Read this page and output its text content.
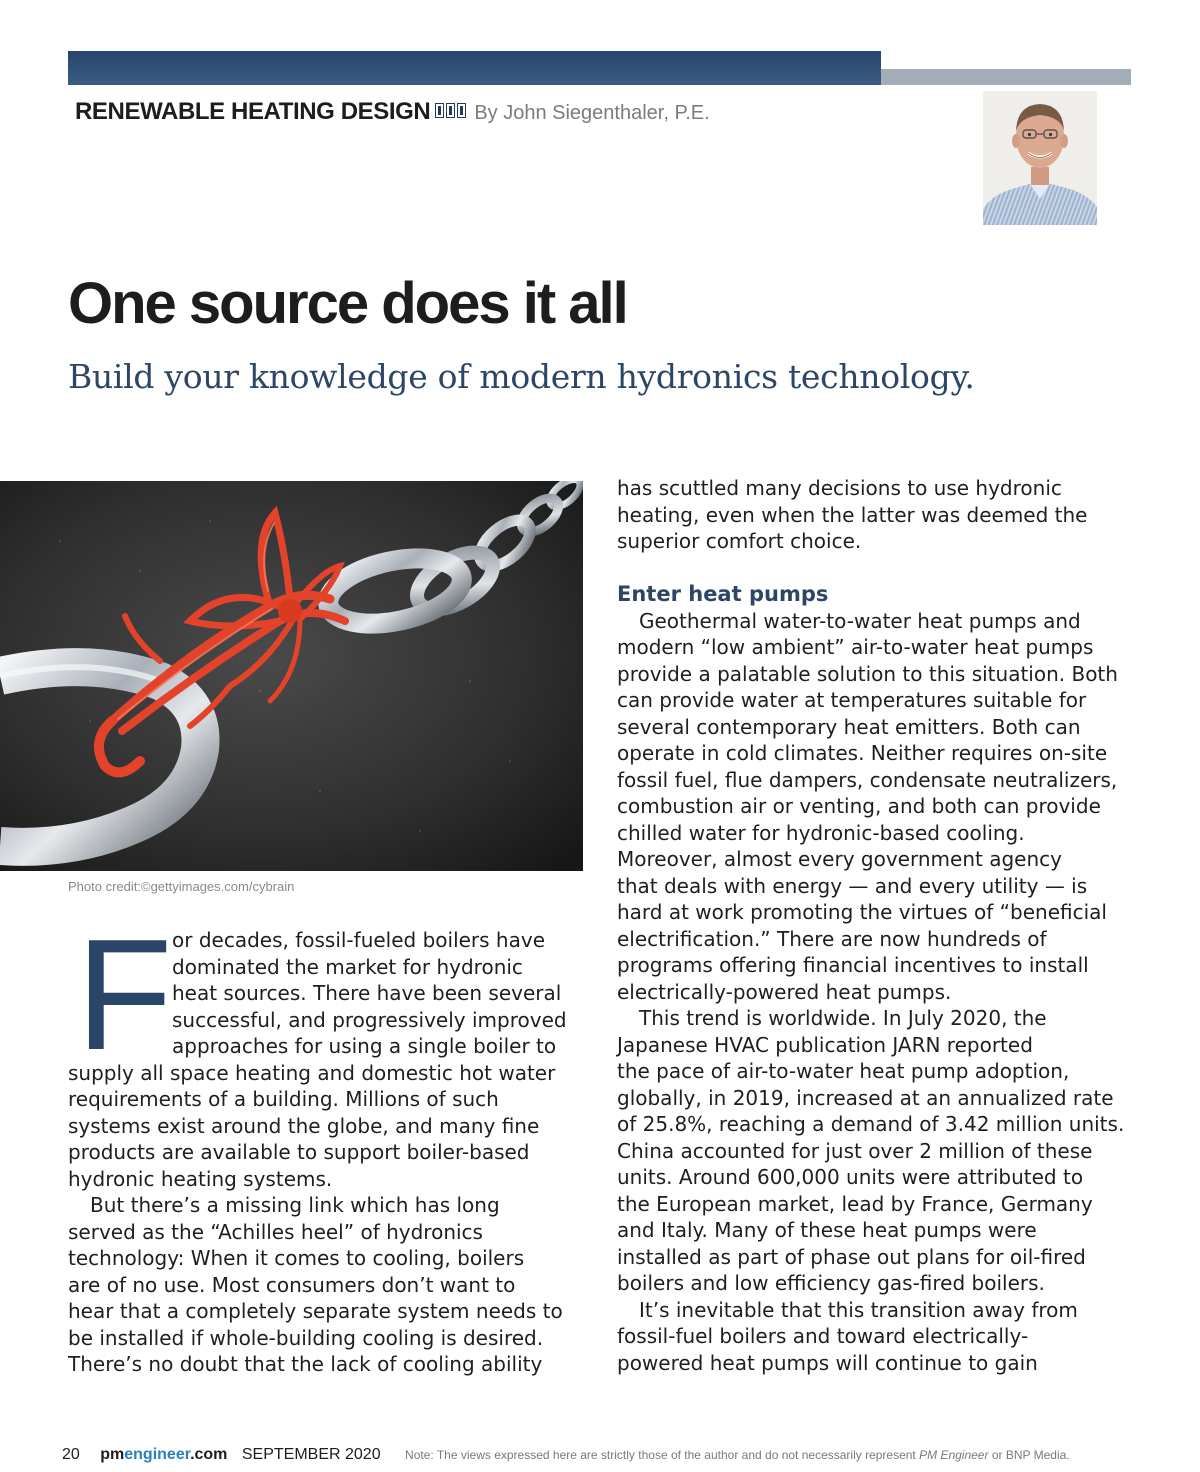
RENEWABLE HEATING DESIGN By John Siegenthaler, P.E.
One source does it all
Build your knowledge of modern hydronics technology.
Photo credit:©gettyimages.com/cybrain
F or decades, fossil-fueled boilers have

dominated the market for hydronic

heat sources. There have been several

successful, and progressively improved

approaches for using a single boiler to

supply all space heating and domestic hot water

requirements of a building. Millions of such

systems exist around the globe, and many fine

products are available to support boiler-based

hydronic heating systems.

But there’s a missing link which has long

served as the “Achilles heel” of hydronics

technology: When it comes to cooling, boilers

are of no use. Most consumers don’t want to

hear that a completely separate system needs to

be installed if whole-building cooling is desired.

There’s no doubt that the lack of cooling ability

has scuttled many decisions to use hydronic

heating, even when the latter was deemed the

superior comfort choice.

Enter heat pumps

Geothermal water-to-water heat pumps and

modern “low ambient” air-to-water heat pumps

provide a palatable solution to this situation. Both

can provide water at temperatures suitable for

several contemporary heat emitters. Both can

operate in cold climates. Neither requires on-site

fossil fuel, flue dampers, condensate neutralizers,

combustion air or venting, and both can provide

chilled water for hydronic-based cooling.

Moreover, almost every government agency

that deals with energy — and every utility — is

hard at work promoting the virtues of “beneficial

electrification.” There are now hundreds of

programs offering financial incentives to install

electrically-powered heat pumps.

This trend is worldwide. In July 2020, the

Japanese HVAC publication JARN reported

the pace of air-to-water heat pump adoption,

globally, in 2019, increased at an annualized rate

of 25.8%, reaching a demand of 3.42 million units.

China accounted for just over 2 million of these

units. Around 600,000 units were attributed to

the European market, lead by France, Germany

and Italy. Many of these heat pumps were

installed as part of phase out plans for oil-fired

boilers and low efficiency gas-fired boilers.

It’s inevitable that this transition away from

fossil-fuel boilers and toward electrically-

powered heat pumps will continue to gain

20 pmengineer.com SEPTEMBER 2020 Note: The views expressed here are strictly those of the author and do not necessarily represent PM Engineer or BNP Media.
